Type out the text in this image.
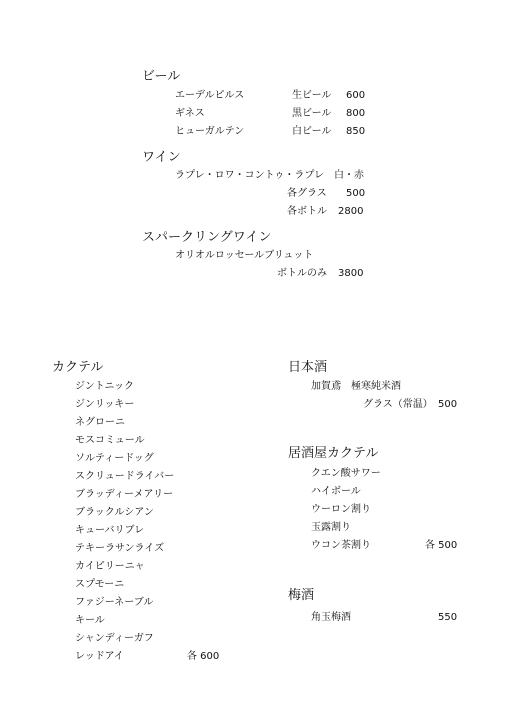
ビール
エーデルピルス	生ビール 600
ギネス	黒ビール 800
ヒューガルテン	白ビール 850
ワイン
ラプレ・ロワ・コントゥ・ラプレ　白・赤
各グラス 500
各ボトル 2800
スパークリングワイン
オリオルロッセールブリュット
ボトルのみ 3800
カクテル
ジントニック
ジンリッキー
ネグローニ
モスコミュール
ソルティードッグ
スクリュードライバー
ブラッディーメアリー
ブラックルシアン
キューバリブレ
テキーラサンライズ
カイピリーニャ
スプモーニ
ファジーネーブル
キール
シャンディーガフ
レッドアイ	各 600
日本酒
加賀鳶　極寒純米酒
グラス（常温） 500
居酒屋カクテル
クエン酸サワー
ハイボール
ウーロン割り
玉露割り
ウコン茶割り	各 500
梅酒
角玉梅酒	550
